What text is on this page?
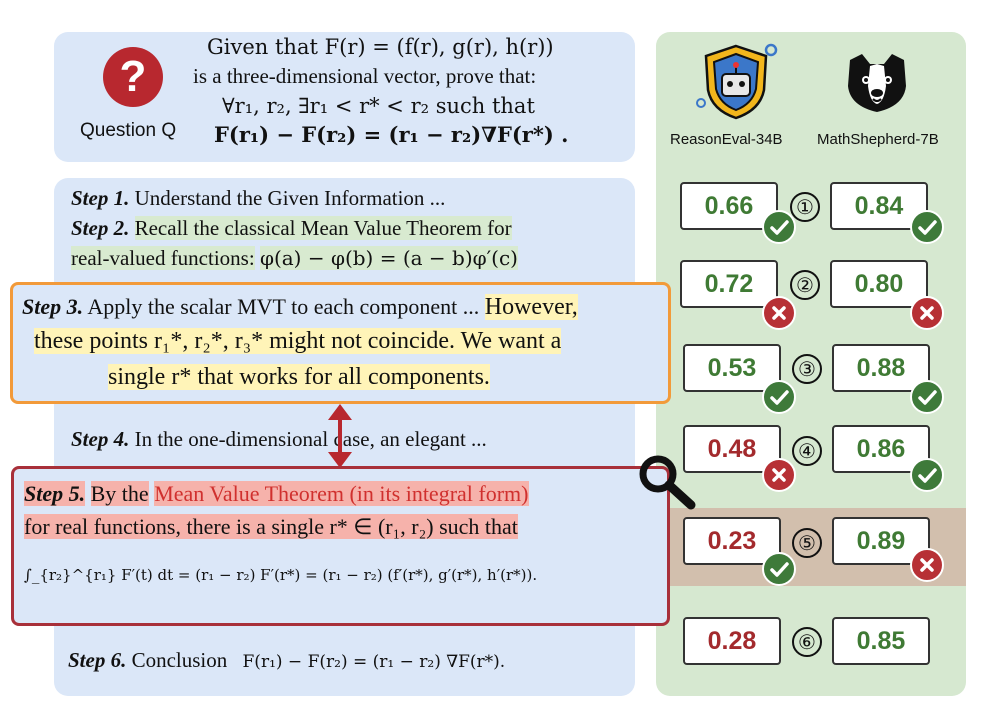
?
Question Q
Given that F(r) = (f(r), g(r), h(r))
is a three-dimensional vector, prove that:
∀r₁, r₂, ∃r₁ < r* < r₂ such that
F(r₁) − F(r₂) = (r₁ − r₂)∇F(r*) .
Step 1. Understand the Given Information ...
Step 2. Recall the classical Mean Value Theorem for
real-valued functions: φ(a) − φ(b) = (a − b)φ′(c)
Step 3. Apply the scalar MVT to each component ... However,
these points r₁*, r₂*, r₃* might not coincide. We want a
single r* that works for all components.
Step 4. In the one-dimensional case, an elegant ...
Step 5. By the Mean Value Theorem (in its integral form)
for real functions, there is a single r* ∈ (r₁, r₂) such that
∫_{r₂}^{r₁} F′(t) dt = (r₁ − r₂) F′(r*) = (r₁ − r₂) (f′(r*), g′(r*), h′(r*)).
Step 6. Conclusion F(r₁) − F(r₂) = (r₁ − r₂) ∇F(r*).
ReasonEval-34B MathShepherd-7B
0.66	①	0.84
0.72	②	0.80
0.53	③	0.88
0.48	④	0.86
0.23	⑤	0.89
0.28	⑥	0.85
